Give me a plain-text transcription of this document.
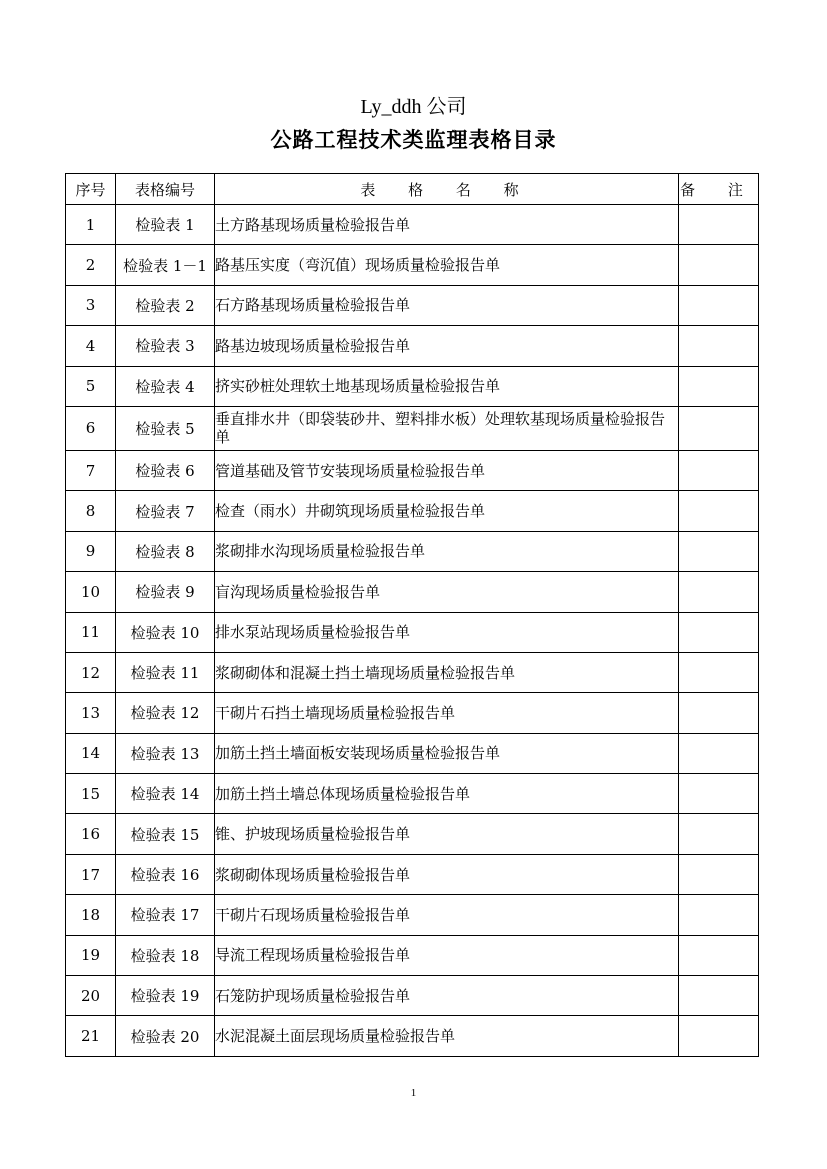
Ly_ddh 公司
公路工程技术类监理表格目录
序号	表格编号	表 格 名 称	备 注
1	检验表 1	土方路基现场质量检验报告单	
2	检验表 1－1	路基压实度（弯沉值）现场质量检验报告单	
3	检验表 2	石方路基现场质量检验报告单	
4	检验表 3	路基边坡现场质量检验报告单	
5	检验表 4	挤实砂桩处理软土地基现场质量检验报告单	
6	检验表 5	垂直排水井（即袋装砂井、塑料排水板）处理软基现场质量检验报告单	
7	检验表 6	管道基础及管节安装现场质量检验报告单	
8	检验表 7	检查（雨水）井砌筑现场质量检验报告单	
9	检验表 8	浆砌排水沟现场质量检验报告单	
10	检验表 9	盲沟现场质量检验报告单	
11	检验表 10	排水泵站现场质量检验报告单	
12	检验表 11	浆砌砌体和混凝土挡土墙现场质量检验报告单	
13	检验表 12	干砌片石挡土墙现场质量检验报告单	
14	检验表 13	加筋土挡土墙面板安装现场质量检验报告单	
15	检验表 14	加筋土挡土墙总体现场质量检验报告单	
16	检验表 15	锥、护坡现场质量检验报告单	
17	检验表 16	浆砌砌体现场质量检验报告单	
18	检验表 17	干砌片石现场质量检验报告单	
19	检验表 18	导流工程现场质量检验报告单	
20	检验表 19	石笼防护现场质量检验报告单	
21	检验表 20	水泥混凝土面层现场质量检验报告单	
1
